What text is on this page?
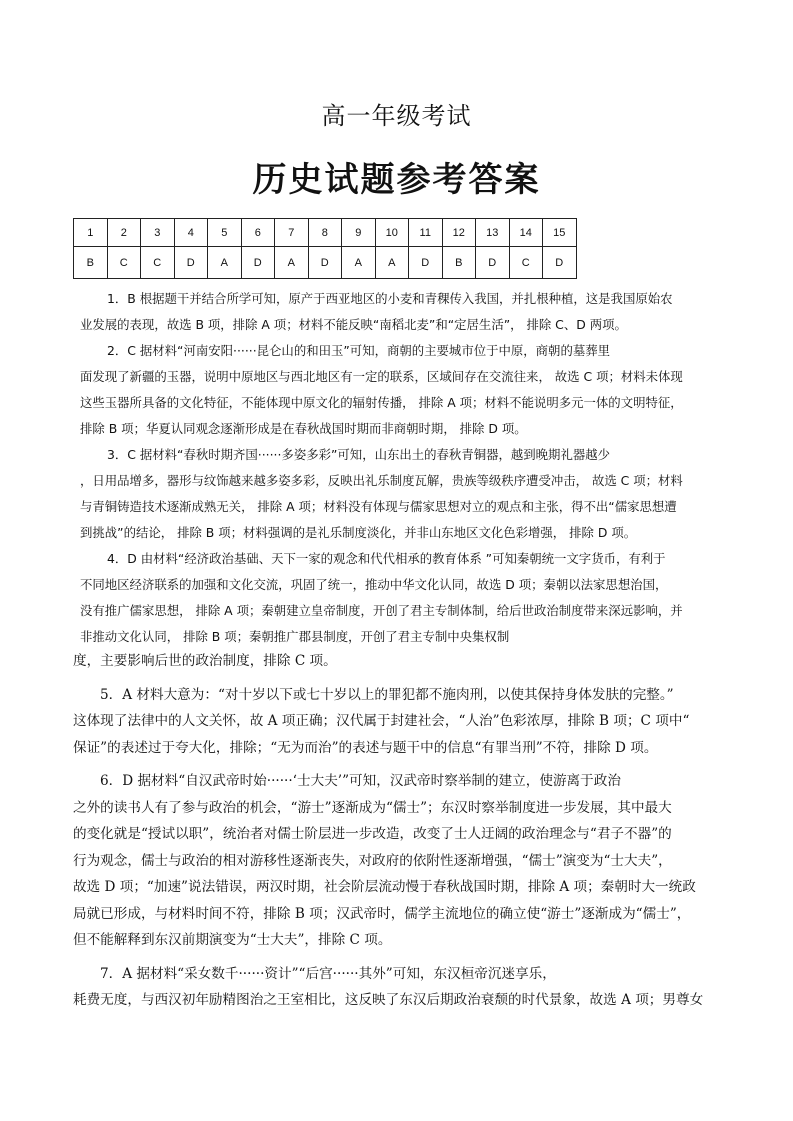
高一年级考试
历史试题参考答案
1	2	3	4	5	6	7	8	9	10	11	12	13	14	15
B	C	C	D	A	D	A	D	A	A	D	B	D	C	D

1．B 根据题干并结合所学可知，原产于西亚地区的小麦和青稞传入我国，并扎根种植，这是我国原始农
业发展的表现，故选 B 项，排除 A 项；材料不能反映“南稻北麦”和“定居生活”， 排除 C、D 两项。

2．C 据材料“河南安阳······昆仑山的和田玉”可知，商朝的主要城市位于中原，商朝的墓葬里
面发现了新疆的玉器，说明中原地区与西北地区有一定的联系，区域间存在交流往来， 故选 C 项；材料未体现
这些玉器所具备的文化特征，不能体现中原文化的辐射传播， 排除 A 项；材料不能说明多元一体的文明特征，
排除 B 项；华夏认同观念逐渐形成是在春秋战国时期而非商朝时期， 排除 D 项。

3．C 据材料“春秋时期齐国······多姿多彩”可知，山东出土的春秋青铜器，越到晚期礼器越少
，日用品增多，器形与纹饰越来越多姿多彩，反映出礼乐制度瓦解，贵族等级秩序遭受冲击， 故选 C 项；材料
与青铜铸造技术逐渐成熟无关， 排除 A 项；材料没有体现与儒家思想对立的观点和主张，得不出“儒家思想遭
到挑战”的结论， 排除 B 项；材料强调的是礼乐制度淡化，并非山东地区文化色彩增强， 排除 D 项。

4．D 由材料“经济政治基础、天下一家的观念和代代相承的教育体系 ”可知秦朝统一文字货币，有利于
不同地区经济联系的加强和文化交流，巩固了统一，推动中华文化认同，故选 D 项；秦朝以法家思想治国，
没有推广儒家思想， 排除 A 项；秦朝建立皇帝制度，开创了君主专制体制，给后世政治制度带来深远影响，并
非推动文化认同， 排除 B 项；秦朝推广郡县制度，开创了君主专制中央集权制

度，主要影响后世的政治制度，排除 C 项。

5．A 材料大意为：“对十岁以下或七十岁以上的罪犯都不施肉刑，以使其保持身体发肤的完整。”
这体现了法律中的人文关怀，故 A 项正确；汉代属于封建社会，“人治”色彩浓厚，排除 B 项；C 项中“
保证”的表述过于夸大化，排除；“无为而治”的表述与题干中的信息“有罪当刑”不符，排除 D 项。

6．D 据材料“自汉武帝时始······‘士大夫’”可知，汉武帝时察举制的建立，使游离于政治
之外的读书人有了参与政治的机会，“游士”逐渐成为“儒士”；东汉时察举制度进一步发展，其中最大
的变化就是“授试以职”，统治者对儒士阶层进一步改造，改变了士人迂阔的政治理念与“君子不器”的
行为观念，儒士与政治的相对游移性逐渐丧失，对政府的依附性逐渐增强，“儒士”演变为“士大夫”，
故选 D 项；“加速”说法错误，两汉时期，社会阶层流动慢于春秋战国时期，排除 A 项；秦朝时大一统政
局就已形成，与材料时间不符，排除 B 项；汉武帝时，儒学主流地位的确立使“游士”逐渐成为“儒士”，
但不能解释到东汉前期演变为“士大夫”，排除 C 项。

7．A 据材料“采女数千······资计”“后宫······其外”可知，东汉桓帝沉迷享乐，
耗费无度，与西汉初年励精图治之王室相比，这反映了东汉后期政治衰颓的时代景象，故选 A 项；男尊女
